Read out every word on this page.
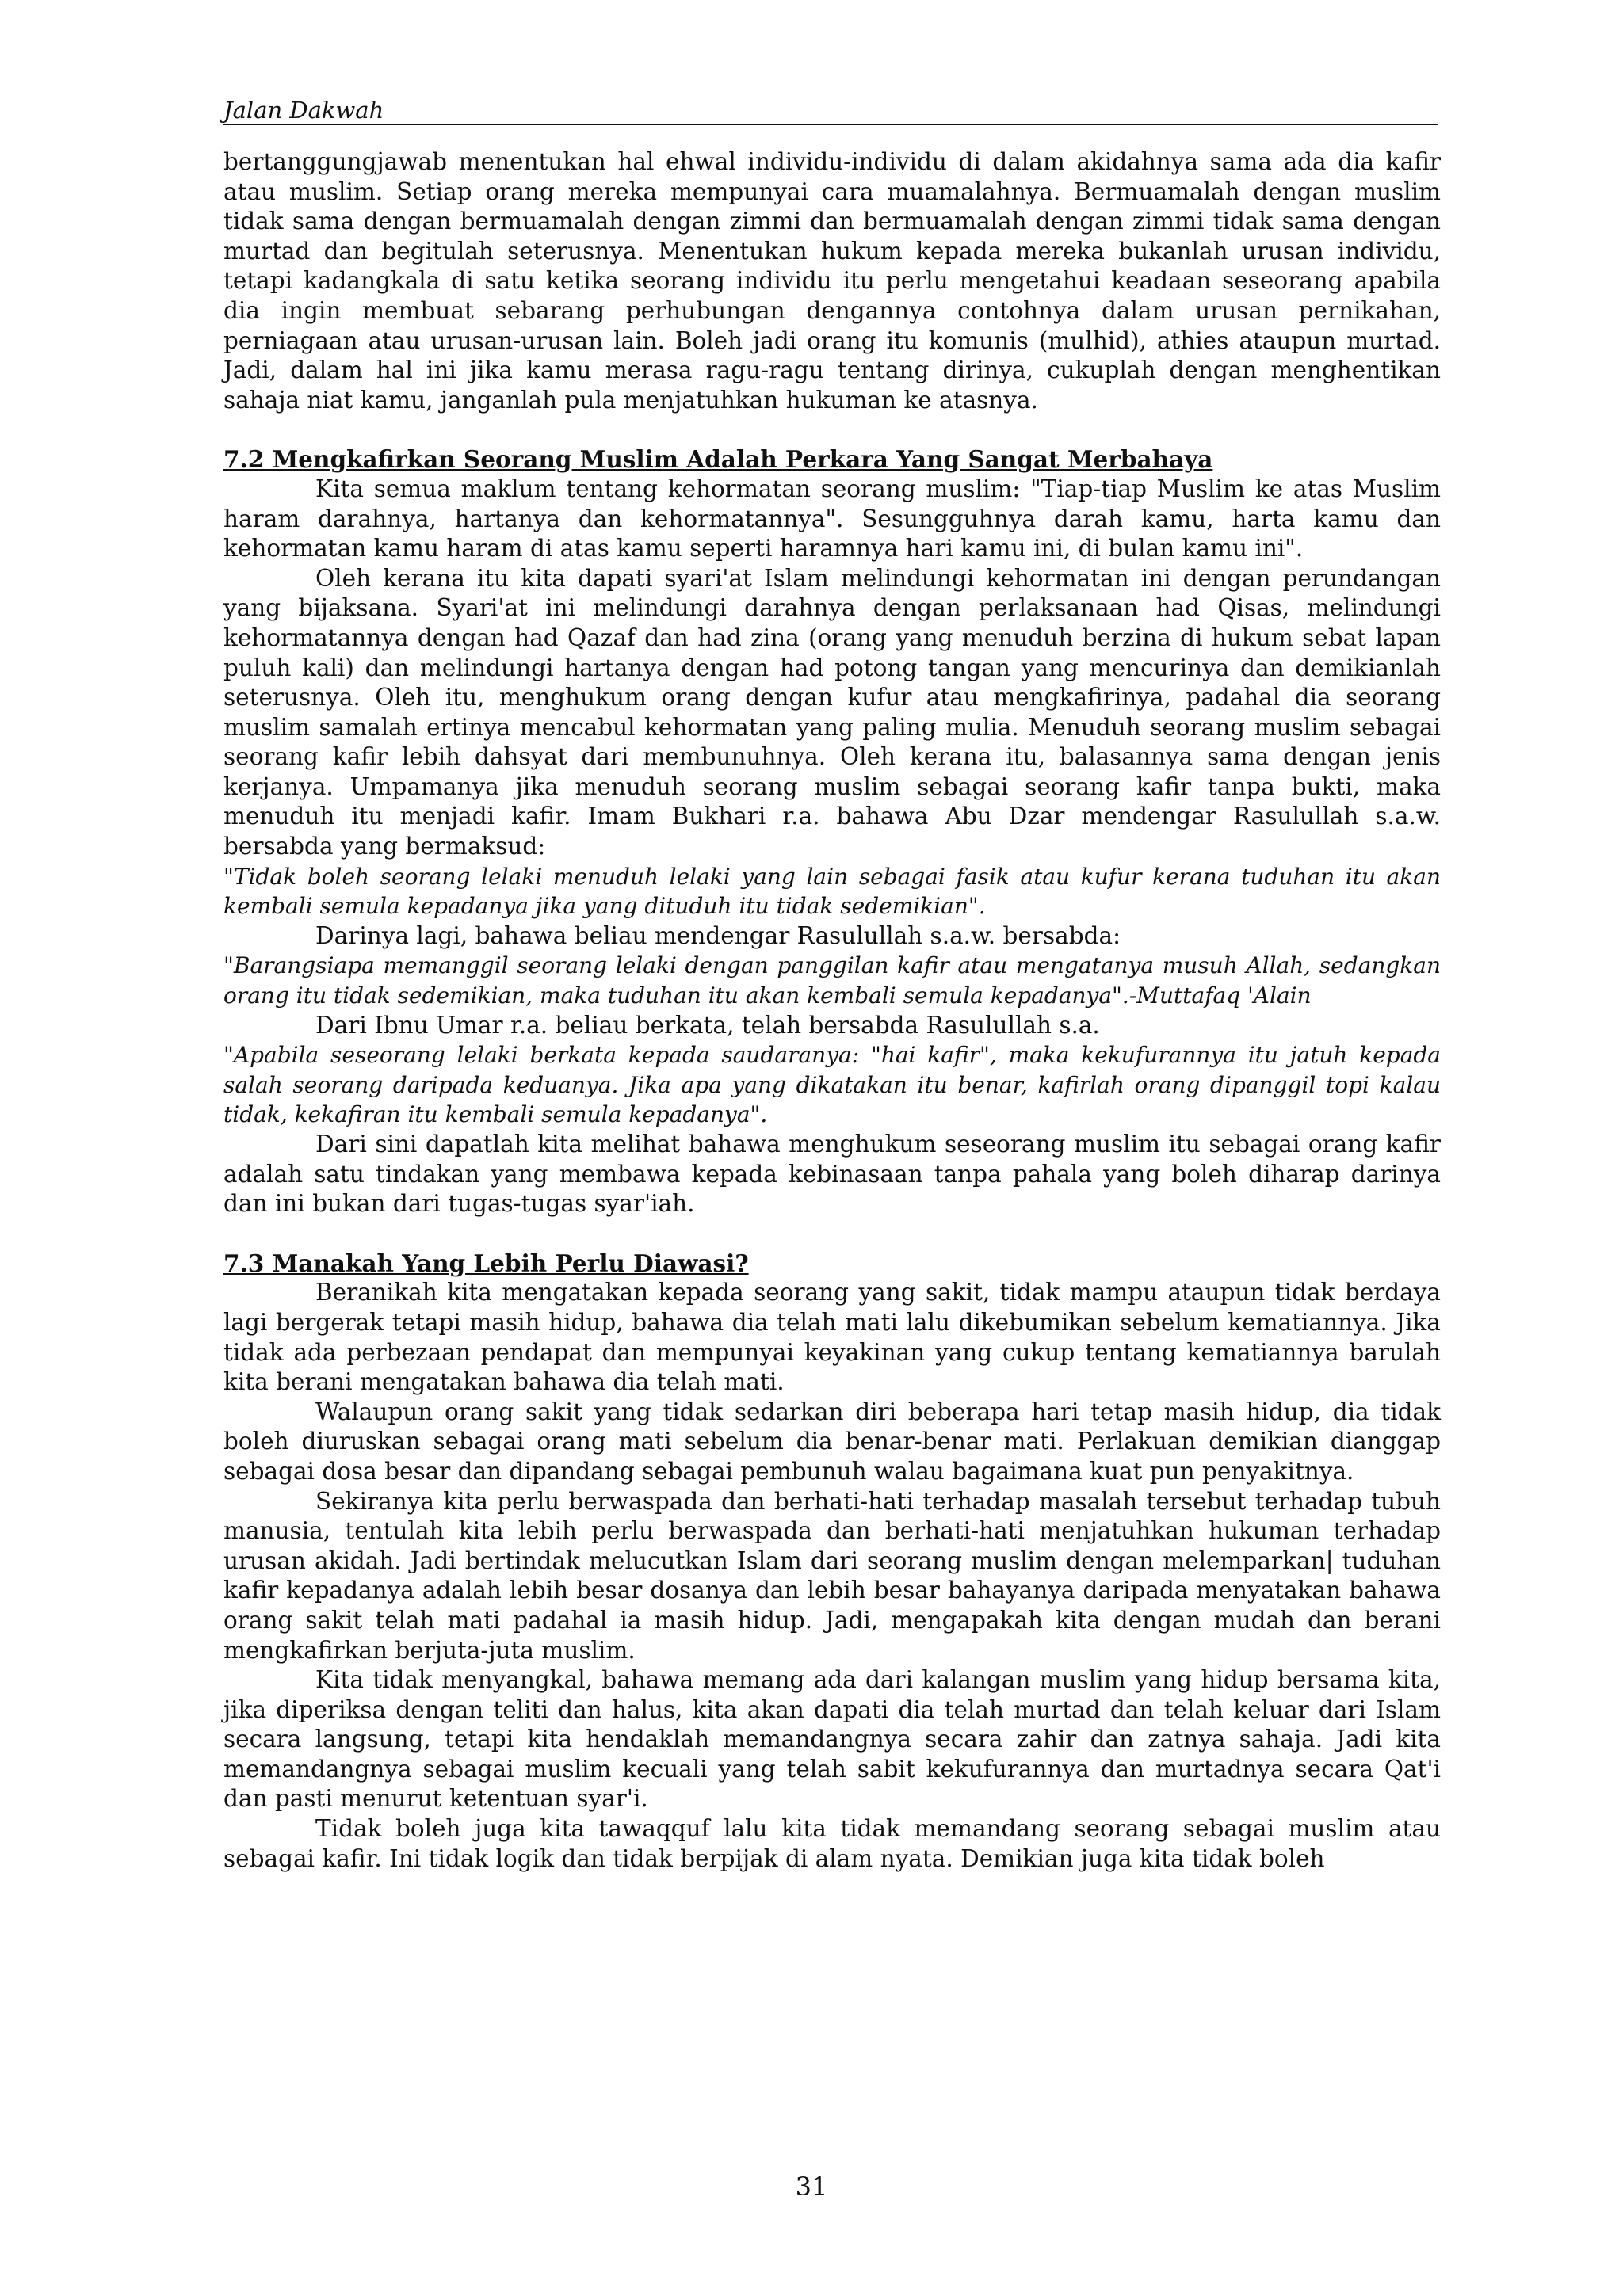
Jalan Dakwah

bertanggungjawab menentukan hal ehwal individu-individu di dalam akidahnya sama ada dia kafir atau muslim. Setiap orang mereka mempunyai cara muamalahnya. Bermuamalah dengan muslim tidak sama dengan bermuamalah dengan zimmi dan bermuamalah dengan zimmi tidak sama dengan murtad dan begitulah seterusnya. Menentukan hukum kepada mereka bukanlah urusan individu, tetapi kadangkala di satu ketika seorang individu itu perlu mengetahui keadaan seseorang apabila dia ingin membuat sebarang perhubungan dengannya contohnya dalam urusan pernikahan, perniagaan atau urusan-urusan lain. Boleh jadi orang itu komunis (mulhid), athies ataupun murtad. Jadi, dalam hal ini jika kamu merasa ragu-ragu tentang dirinya, cukuplah dengan menghentikan sahaja niat kamu, janganlah pula menjatuhkan hukuman ke atasnya.

7.2 Mengkafirkan Seorang Muslim Adalah Perkara Yang Sangat Merbahaya

Kita semua maklum tentang kehormatan seorang muslim: "Tiap-tiap Muslim ke atas Muslim haram darahnya, hartanya dan kehormatannya". Sesungguhnya darah kamu, harta kamu dan kehormatan kamu haram di atas kamu seperti haramnya hari kamu ini, di bulan kamu ini".

Oleh kerana itu kita dapati syari'at Islam melindungi kehormatan ini dengan perundangan yang bijaksana. Syari'at ini melindungi darahnya dengan perlaksanaan had Qisas, melindungi kehormatannya dengan had Qazaf dan had zina (orang yang menuduh berzina di hukum sebat lapan puluh kali) dan melindungi hartanya dengan had potong tangan yang mencurinya dan demikianlah seterusnya. Oleh itu, menghukum orang dengan kufur atau mengkafirinya, padahal dia seorang muslim samalah ertinya mencabul kehormatan yang paling mulia. Menuduh seorang muslim sebagai seorang kafir lebih dahsyat dari membunuhnya. Oleh kerana itu, balasannya sama dengan jenis kerjanya. Umpamanya jika menuduh seorang muslim sebagai seorang kafir tanpa bukti, maka menuduh itu menjadi kafir. Imam Bukhari r.a. bahawa Abu Dzar mendengar Rasulullah s.a.w. bersabda yang bermaksud:

"Tidak boleh seorang lelaki menuduh lelaki yang lain sebagai fasik atau kufur kerana tuduhan itu akan kembali semula kepadanya jika yang dituduh itu tidak sedemikian".

Darinya lagi, bahawa beliau mendengar Rasulullah s.a.w. bersabda:

"Barangsiapa memanggil seorang lelaki dengan panggilan kafir atau mengatanya musuh Allah, sedangkan orang itu tidak sedemikian, maka tuduhan itu akan kembali semula kepadanya".-Muttafaq 'Alain

Dari Ibnu Umar r.a. beliau berkata, telah bersabda Rasulullah s.a.

"Apabila seseorang lelaki berkata kepada saudaranya: "hai kafir", maka kekufurannya itu jatuh kepada salah seorang daripada keduanya. Jika apa yang dikatakan itu benar, kafirlah orang dipanggil topi kalau tidak, kekafiran itu kembali semula kepadanya".

Dari sini dapatlah kita melihat bahawa menghukum seseorang muslim itu sebagai orang kafir adalah satu tindakan yang membawa kepada kebinasaan tanpa pahala yang boleh diharap darinya dan ini bukan dari tugas-tugas syar'iah.

7.3 Manakah Yang Lebih Perlu Diawasi?

Beranikah kita mengatakan kepada seorang yang sakit, tidak mampu ataupun tidak berdaya lagi bergerak tetapi masih hidup, bahawa dia telah mati lalu dikebumikan sebelum kematiannya. Jika tidak ada perbezaan pendapat dan mempunyai keyakinan yang cukup tentang kematiannya barulah kita berani mengatakan bahawa dia telah mati.

Walaupun orang sakit yang tidak sedarkan diri beberapa hari tetap masih hidup, dia tidak boleh diuruskan sebagai orang mati sebelum dia benar-benar mati. Perlakuan demikian dianggap sebagai dosa besar dan dipandang sebagai pembunuh walau bagaimana kuat pun penyakitnya.

Sekiranya kita perlu berwaspada dan berhati-hati terhadap masalah tersebut terhadap tubuh manusia, tentulah kita lebih perlu berwaspada dan berhati-hati menjatuhkan hukuman terhadap urusan akidah. Jadi bertindak melucutkan Islam dari seorang muslim dengan melemparkan| tuduhan kafir kepadanya adalah lebih besar dosanya dan lebih besar bahayanya daripada menyatakan bahawa orang sakit telah mati padahal ia masih hidup. Jadi, mengapakah kita dengan mudah dan berani mengkafirkan berjuta-juta muslim.

Kita tidak menyangkal, bahawa memang ada dari kalangan muslim yang hidup bersama kita, jika diperiksa dengan teliti dan halus, kita akan dapati dia telah murtad dan telah keluar dari Islam secara langsung, tetapi kita hendaklah memandangnya secara zahir dan zatnya sahaja. Jadi kita memandangnya sebagai muslim kecuali yang telah sabit kekufurannya dan murtadnya secara Qat'i dan pasti menurut ketentuan syar'i.

Tidak boleh juga kita tawaqquf lalu kita tidak memandang seorang sebagai muslim atau sebagai kafir. Ini tidak logik dan tidak berpijak di alam nyata. Demikian juga kita tidak boleh

31
